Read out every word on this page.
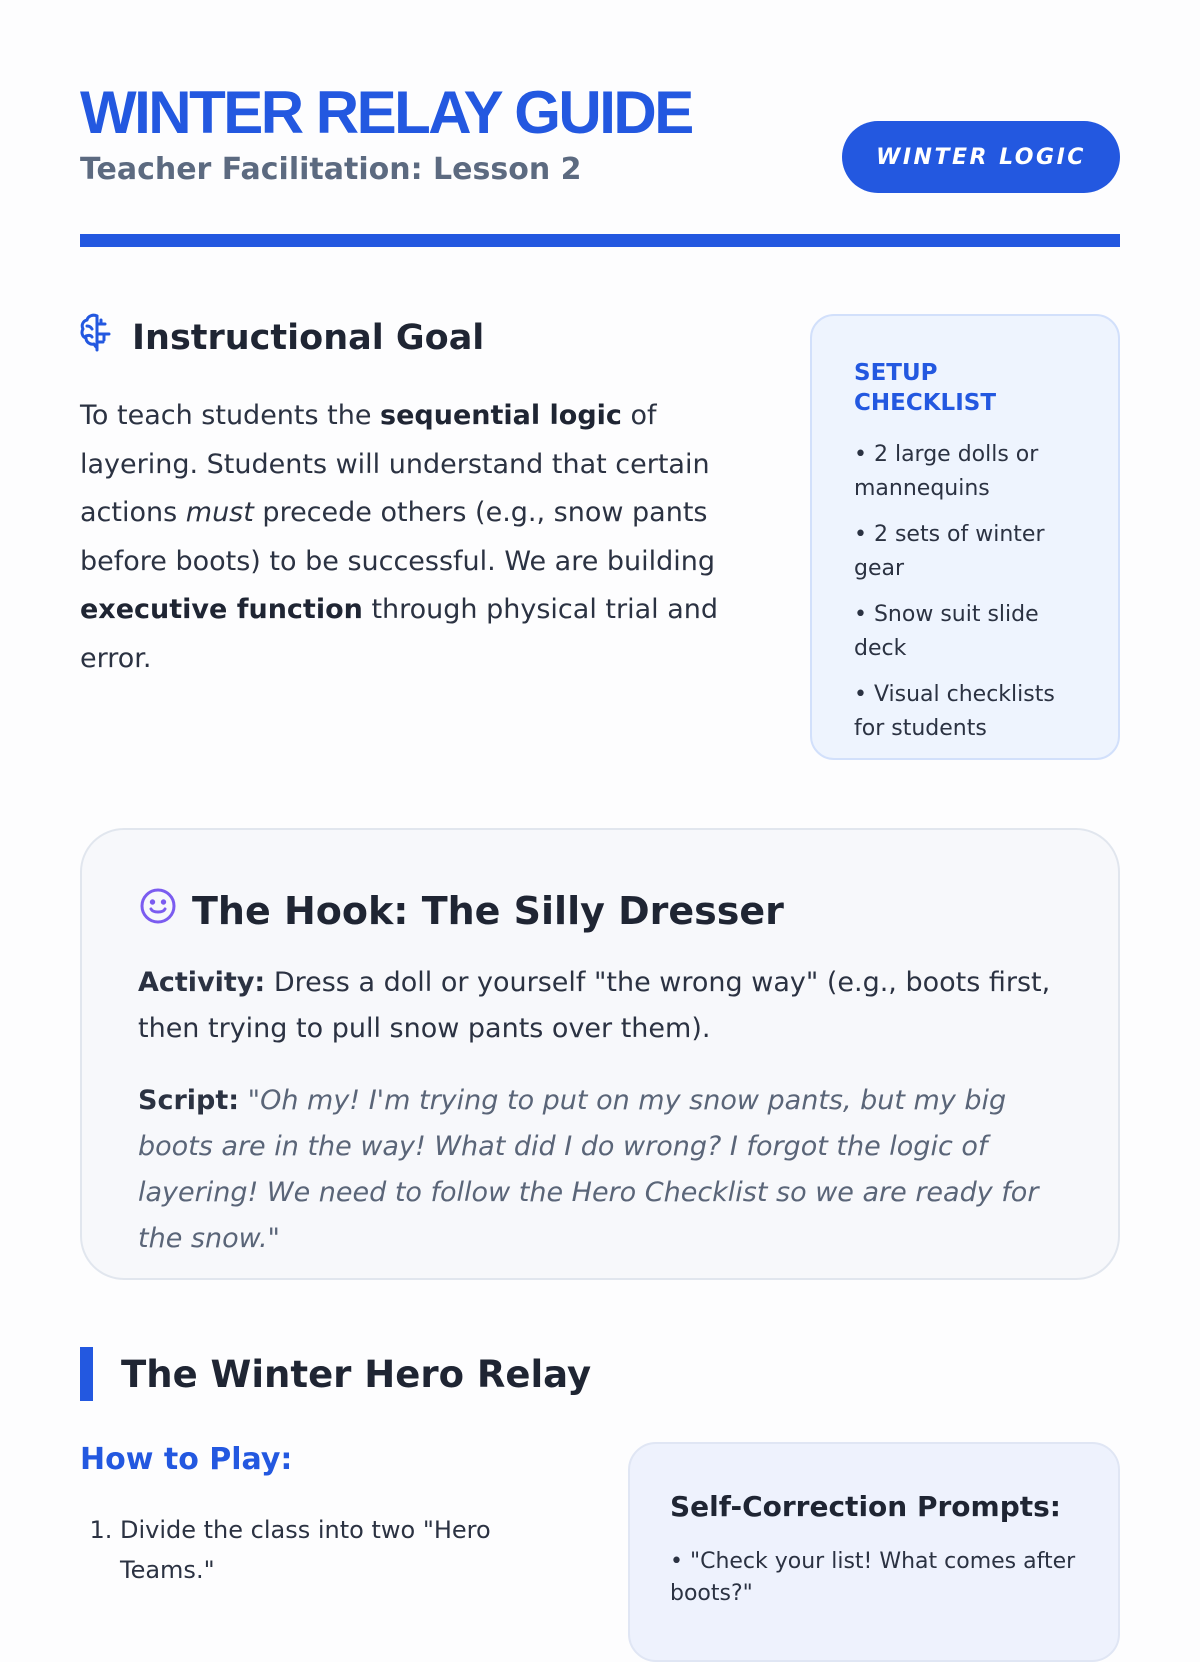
WINTER RELAY GUIDE
Teacher Facilitation: Lesson 2	WINTER LOGIC
Instructional Goal

To teach students the sequential logic of layering. Students will understand that certain actions must precede others (e.g., snow pants before boots) to be successful. We are building executive function through physical trial and error.

SETUP CHECKLIST
• 2 large dolls or mannequins
• 2 sets of winter gear
• Snow suit slide deck
• Visual checklists for students
The Hook: The Silly Dresser

Activity: Dress a doll or yourself "the wrong way" (e.g., boots first, then trying to pull snow pants over them).

Script: "Oh my! I'm trying to put on my snow pants, but my big boots are in the way! What did I do wrong? I forgot the logic of layering! We need to follow the Hero Checklist so we are ready for the snow."

The Winter Hero Relay
How to Play:
1. Divide the class into two "Hero Teams."
Self-Correction Prompts:
• "Check your list! What comes after boots?"
